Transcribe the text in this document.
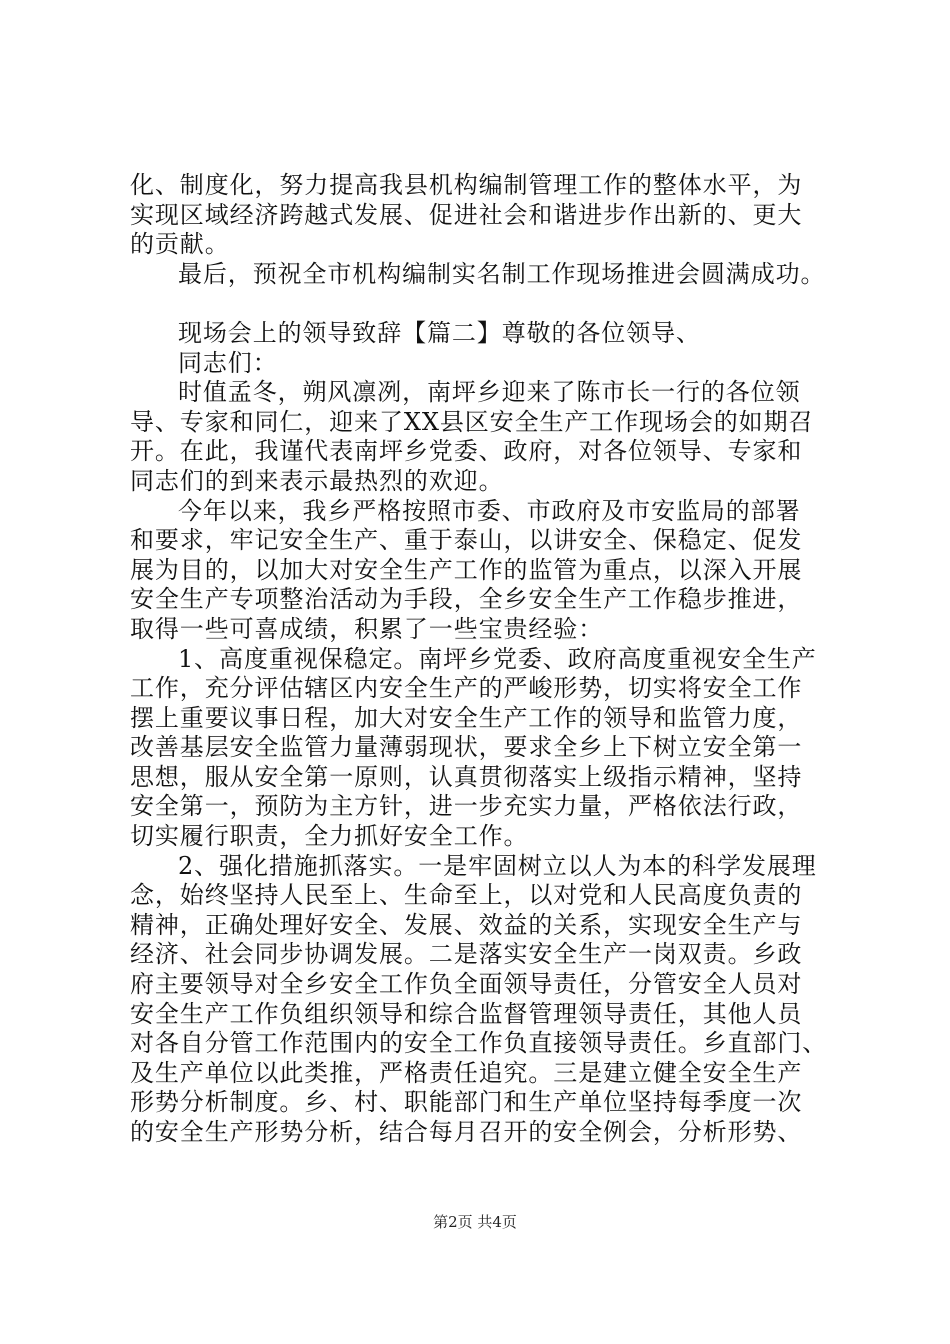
化、制度化，努力提高我县机构编制管理工作的整体水平，为
实现区域经济跨越式发展、促进社会和谐进步作出新的、更大
的贡献。
最后，预祝全市机构编制实名制工作现场推进会圆满成功。
现场会上的领导致辞【篇二】尊敬的各位领导、
同志们：
时值孟冬，朔风凛冽，南坪乡迎来了陈市长一行的各位领
导、专家和同仁，迎来了XX县区安全生产工作现场会的如期召
开。在此，我谨代表南坪乡党委、政府，对各位领导、专家和
同志们的到来表示最热烈的欢迎。
今年以来，我乡严格按照市委、市政府及市安监局的部署
和要求，牢记安全生产、重于泰山，以讲安全、保稳定、促发
展为目的，以加大对安全生产工作的监管为重点，以深入开展
安全生产专项整治活动为手段，全乡安全生产工作稳步推进，
取得一些可喜成绩，积累了一些宝贵经验：
1、高度重视保稳定。南坪乡党委、政府高度重视安全生产
工作，充分评估辖区内安全生产的严峻形势，切实将安全工作
摆上重要议事日程，加大对安全生产工作的领导和监管力度，
改善基层安全监管力量薄弱现状，要求全乡上下树立安全第一
思想，服从安全第一原则，认真贯彻落实上级指示精神，坚持
安全第一，预防为主方针，进一步充实力量，严格依法行政，
切实履行职责，全力抓好安全工作。
2、强化措施抓落实。一是牢固树立以人为本的科学发展理
念，始终坚持人民至上、生命至上，以对党和人民高度负责的
精神，正确处理好安全、发展、效益的关系，实现安全生产与
经济、社会同步协调发展。二是落实安全生产一岗双责。乡政
府主要领导对全乡安全工作负全面领导责任，分管安全人员对
安全生产工作负组织领导和综合监督管理领导责任，其他人员
对各自分管工作范围内的安全工作负直接领导责任。乡直部门、
及生产单位以此类推，严格责任追究。三是建立健全安全生产
形势分析制度。乡、村、职能部门和生产单位坚持每季度一次
的安全生产形势分析，结合每月召开的安全例会，分析形势、
第2页 共4页
